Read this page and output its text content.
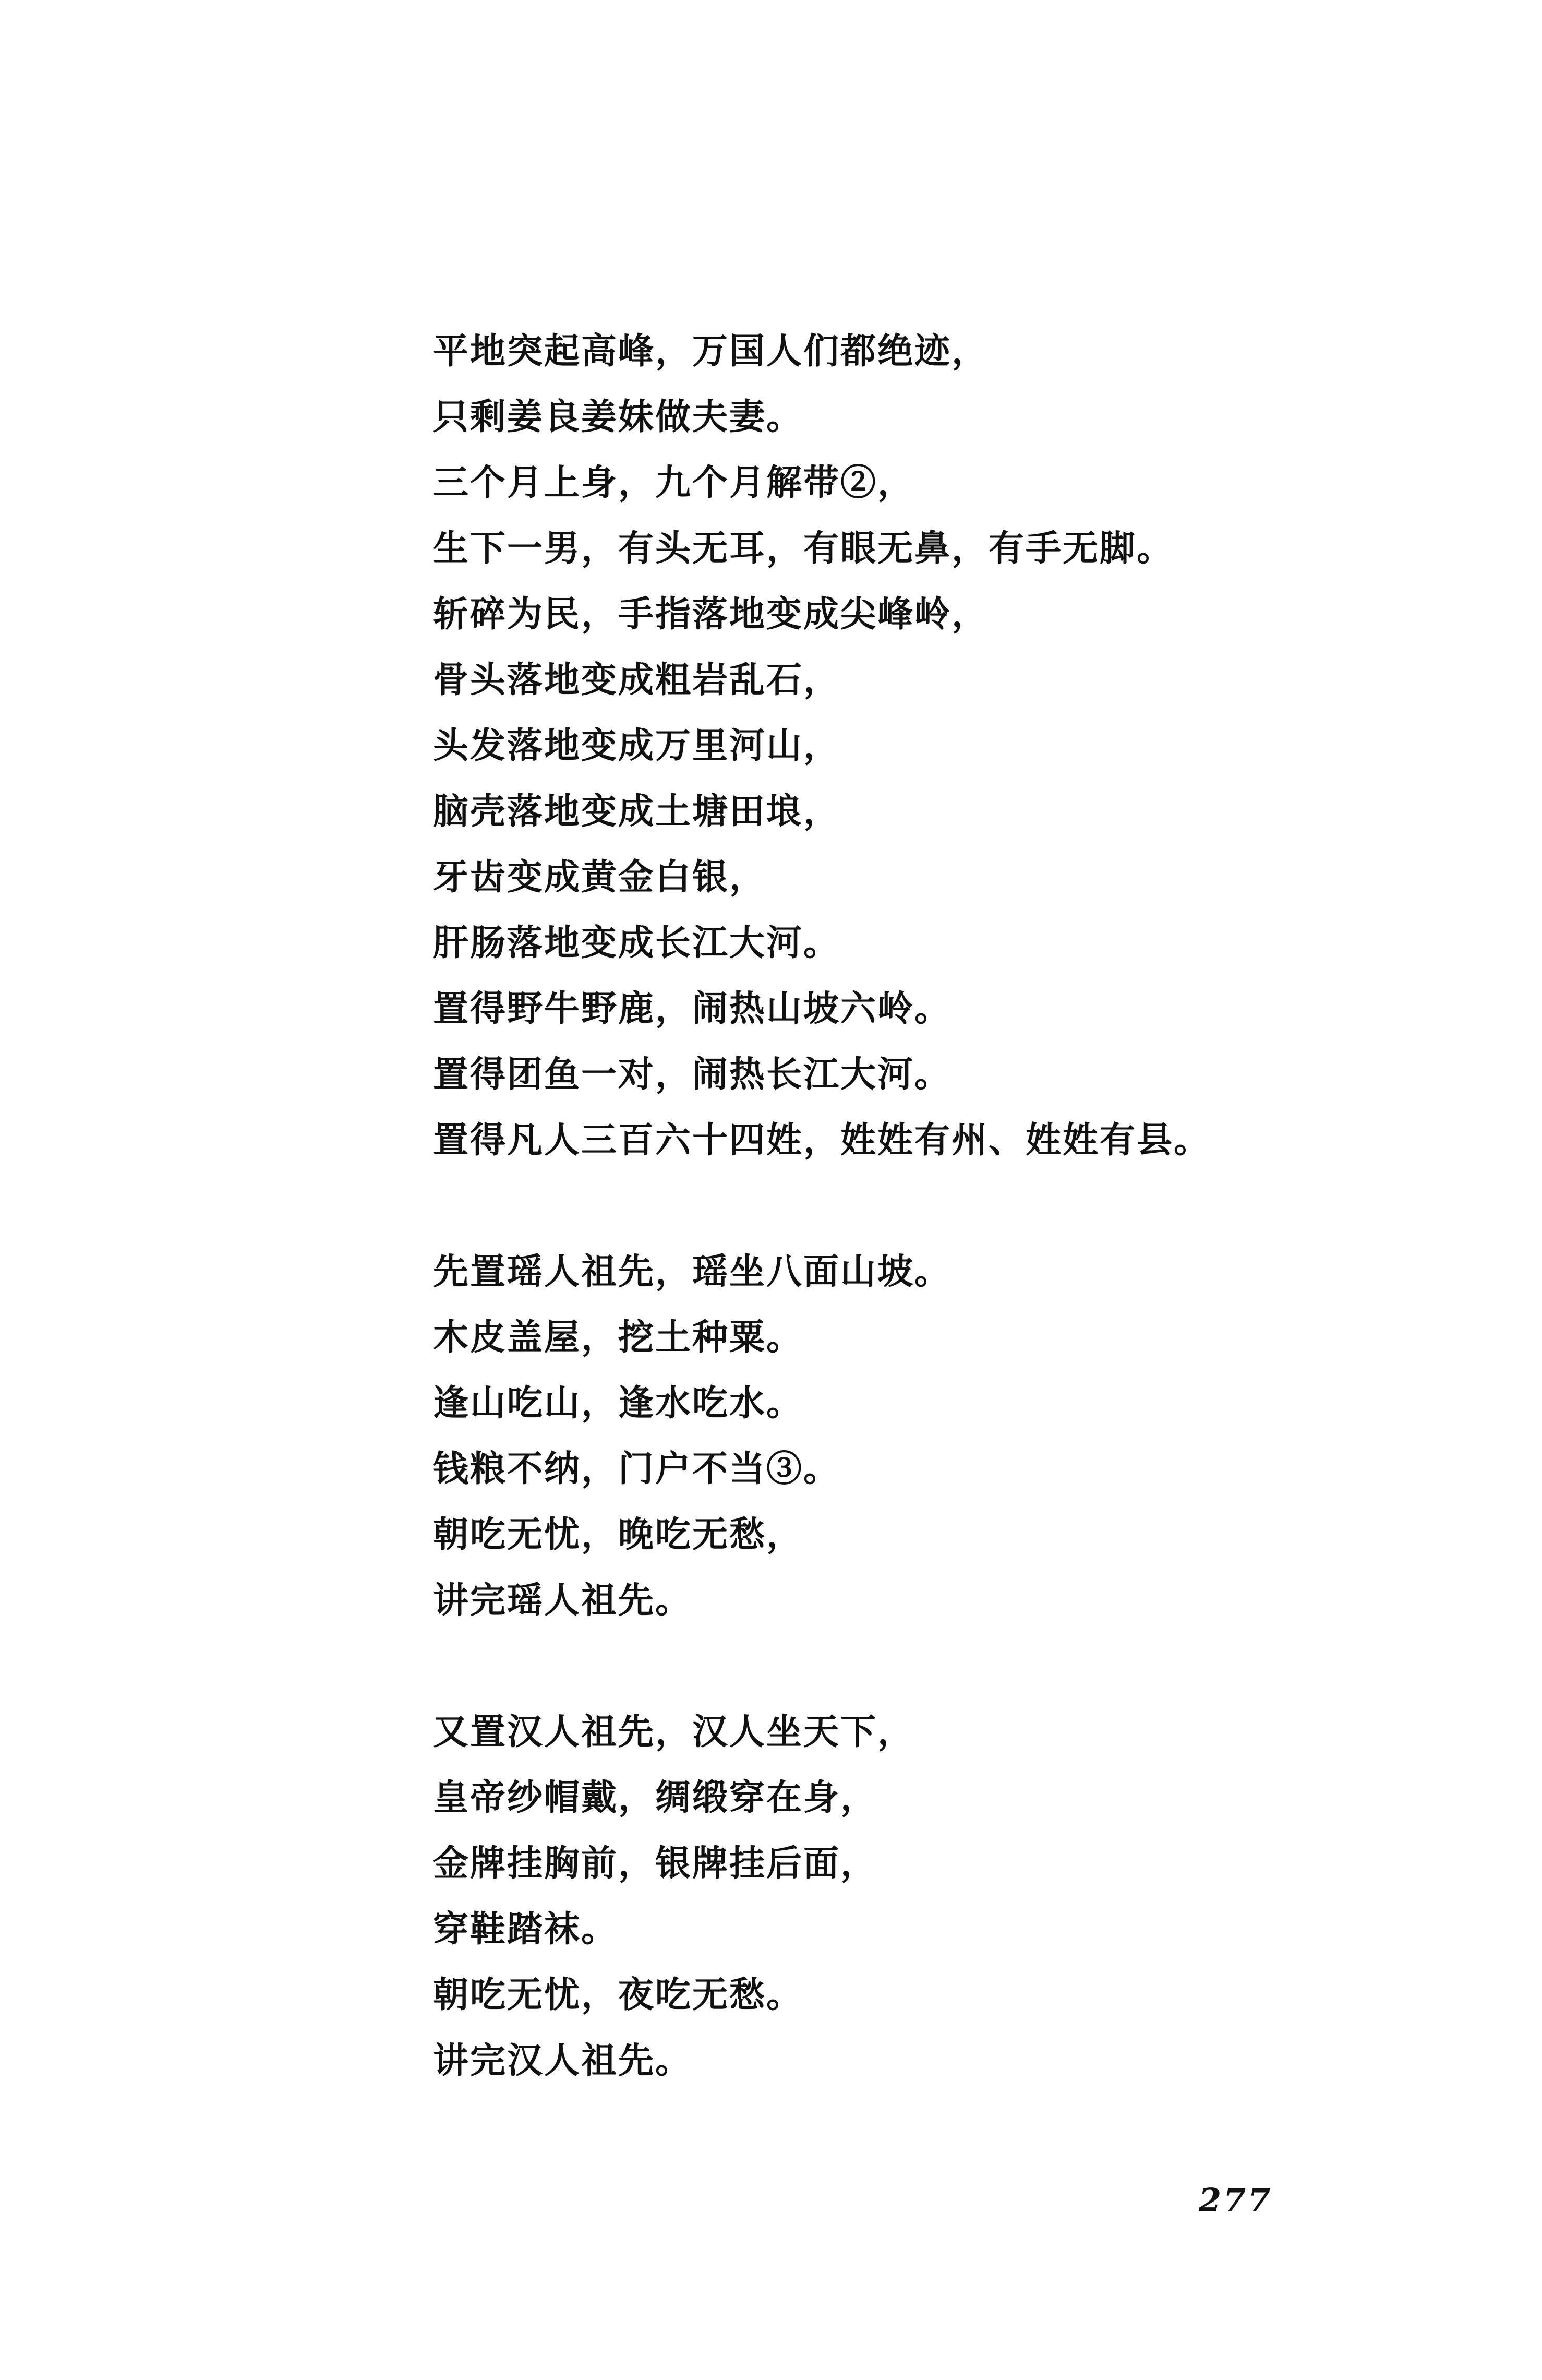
平地突起高峰，万国人们都绝迹，
只剩姜良姜妹做夫妻。
三个月上身，九个月解带②，
生下一男，有头无耳，有眼无鼻，有手无脚。
斩碎为民，手指落地变成尖峰岭，
骨头落地变成粗岩乱石，
头发落地变成万里河山，
脑壳落地变成土塘田埌，
牙齿变成黄金白银，
肝肠落地变成长江大河。
置得野牛野鹿，闹热山坡六岭。
置得团鱼一对，闹热长江大河。
置得凡人三百六十四姓，姓姓有州、姓姓有县。
先置瑶人祖先，瑶坐八面山坡。
木皮盖屋，挖土种粟。
逢山吃山，逢水吃水。
钱粮不纳，门户不当③。
朝吃无忧，晚吃无愁，
讲完瑶人祖先。
又置汉人祖先，汉人坐天下，
皇帝纱帽戴，绸缎穿在身，
金牌挂胸前，银牌挂后面，
穿鞋踏袜。
朝吃无忧，夜吃无愁。
讲完汉人祖先。
277
